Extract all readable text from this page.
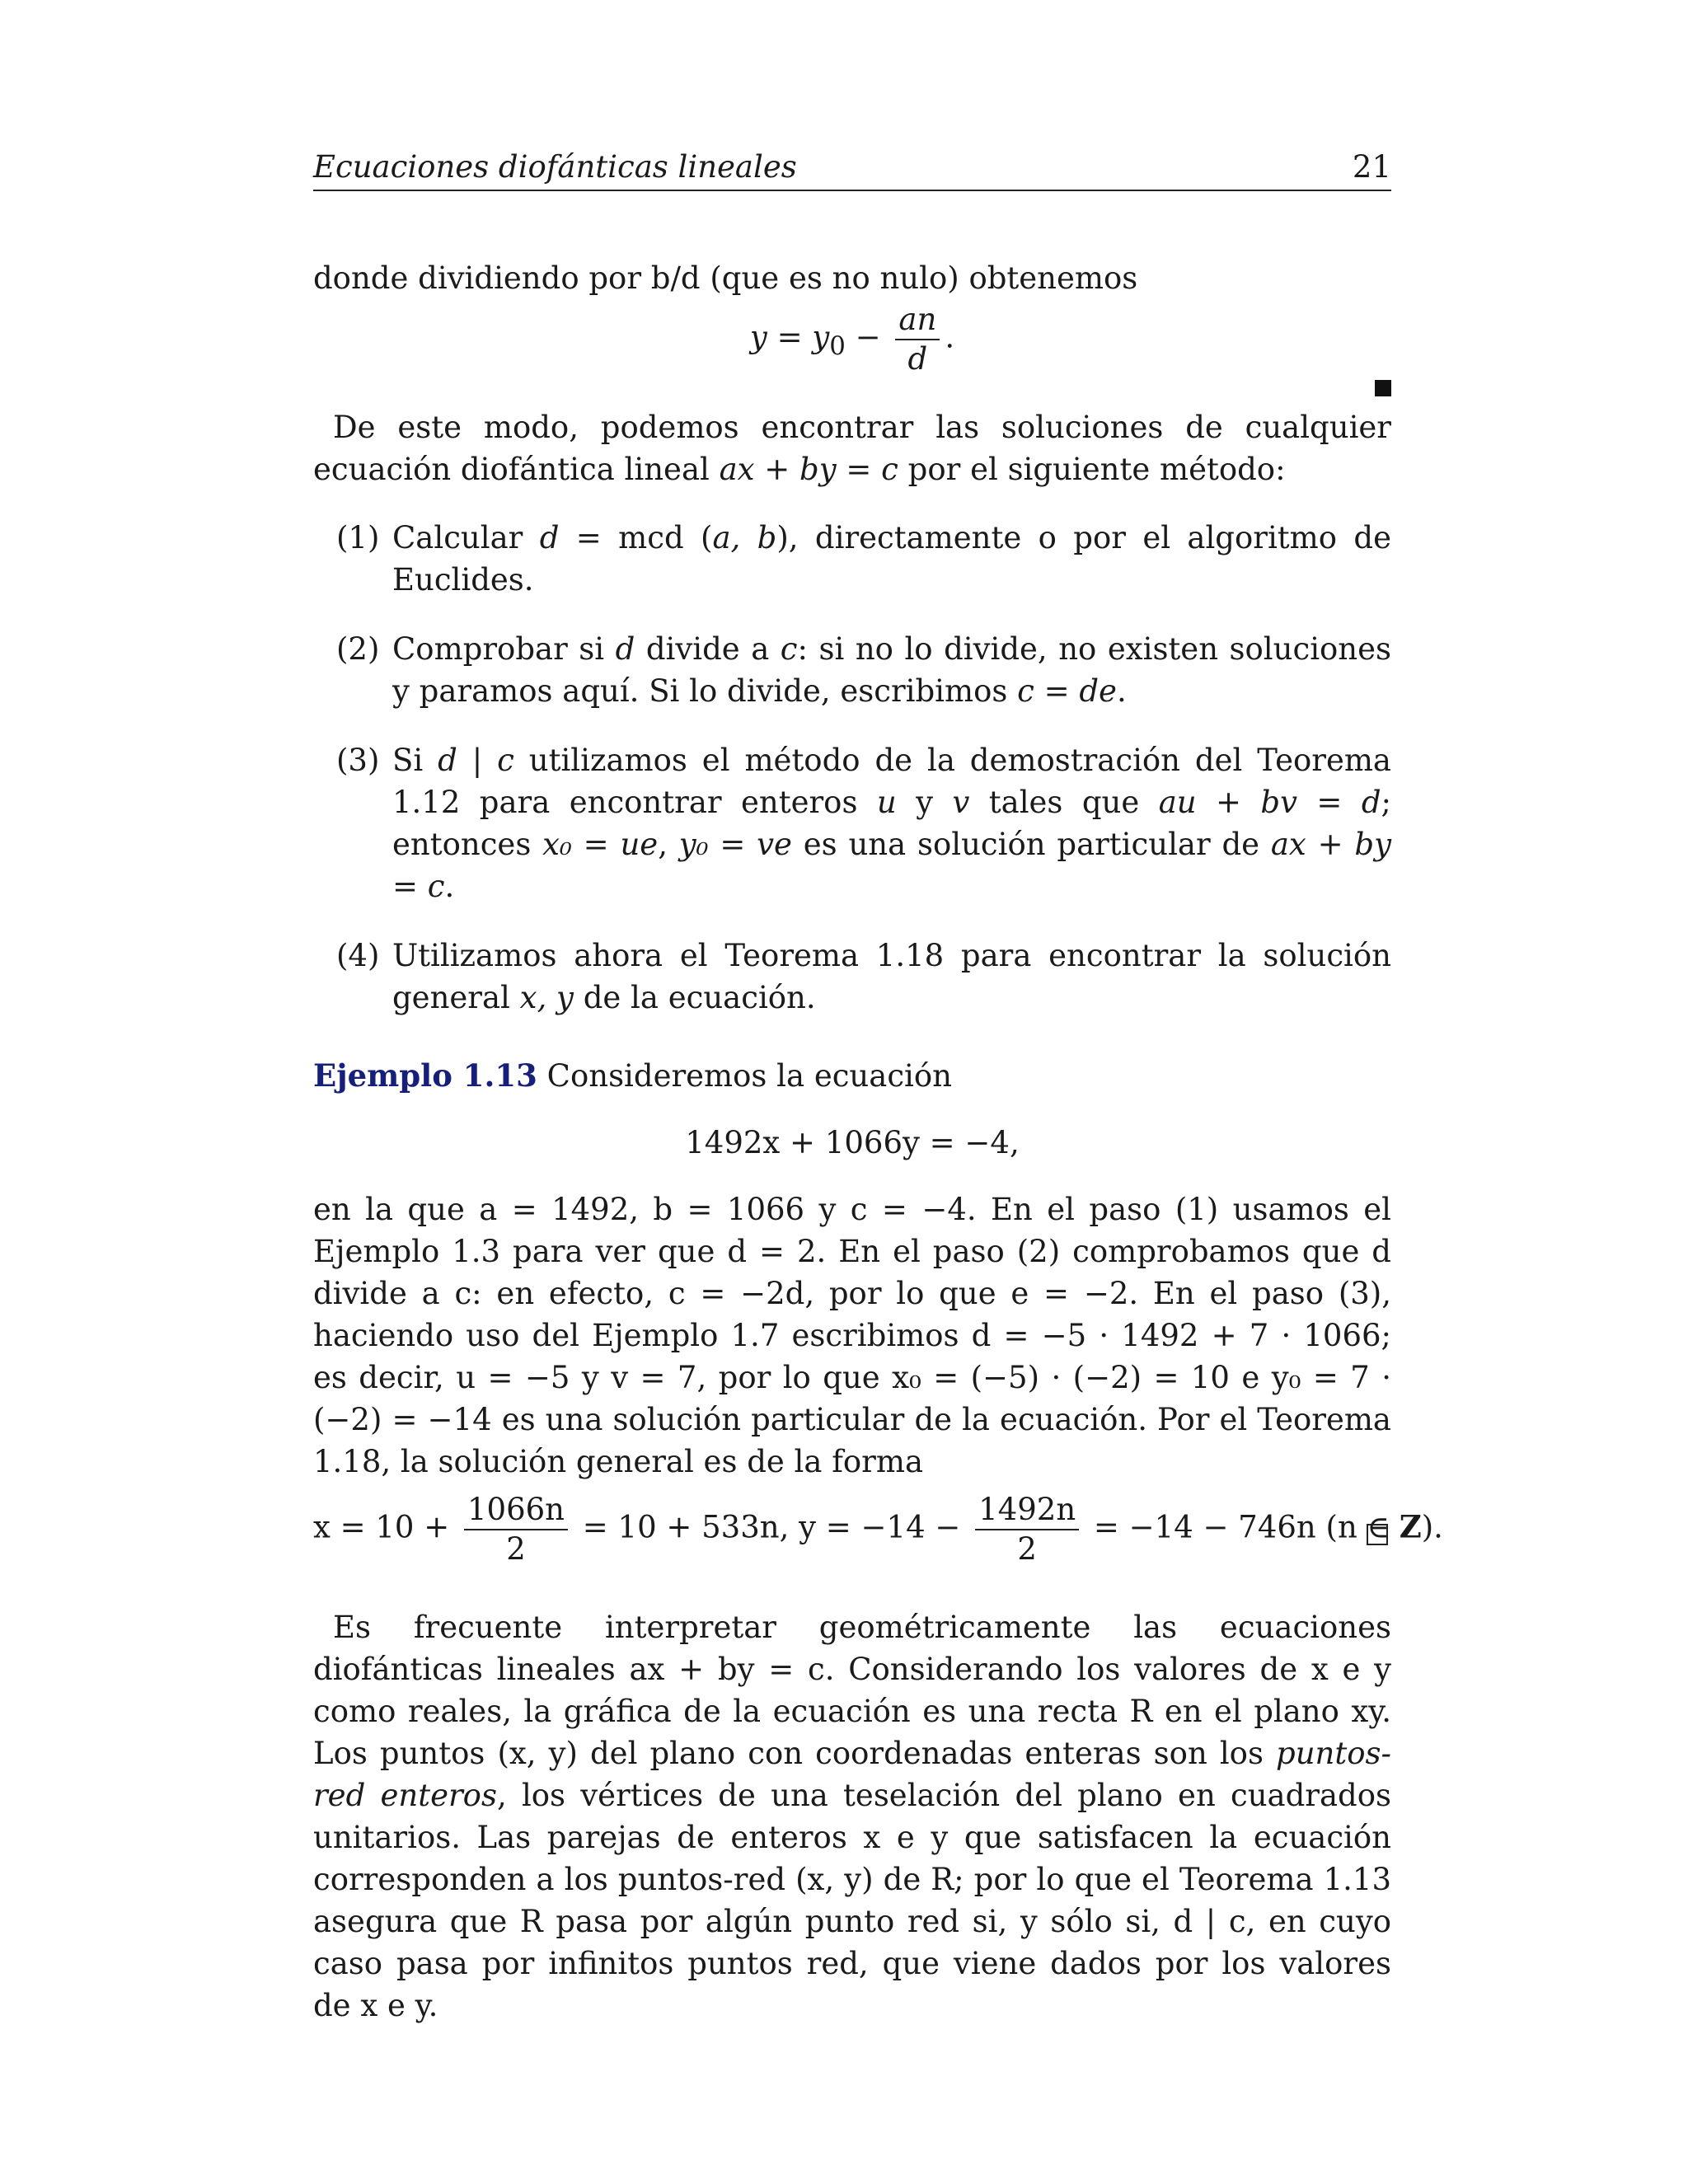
Ecuaciones diofánticas lineales	21

donde dividiendo por b/d (que es no nulo) obtenemos

$y = y_0 - \frac{an}{d}$ .

De este modo, podemos encontrar las soluciones de cualquier ecuación diofántica lineal ax + by = c por el siguiente método:

(1) Calcular d = mcd (a, b), directamente o por el algoritmo de Euclides.
(2) Comprobar si d divide a c: si no lo divide, no existen soluciones y paramos aquí. Si lo divide, escribimos c = de.
(3) Si d | c utilizamos el método de la demostración del Teorema 1.12 para encontrar enteros u y v tales que au + bv = d; entonces x₀ = ue, y₀ = ve es una solución particular de ax + by = c.
(4) Utilizamos ahora el Teorema 1.18 para encontrar la solución general x, y de la ecuación.

Ejemplo 1.13 Consideremos la ecuación

1492x + 1066y = −4,

en la que a = 1492, b = 1066 y c = −4. En el paso (1) usamos el Ejemplo 1.3 para ver que d = 2. En el paso (2) comprobamos que d divide a c: en efecto, c = −2d, por lo que e = −2. En el paso (3), haciendo uso del Ejemplo 1.7 escribimos d = −5 · 1492 + 7 · 1066; es decir, u = −5 y v = 7, por lo que x₀ = (−5) · (−2) = 10 e y₀ = 7 · (−2) = −14 es una solución particular de la ecuación. Por el Teorema 1.18, la solución general es de la forma

$x = 10 + \frac{1066n}{2} = 10 + 533n$, $y = -14 - \frac{1492n}{2} = -14 - 746n$ (n ∈ Z).

Es frecuente interpretar geométricamente las ecuaciones diofánticas lineales ax + by = c. Considerando los valores de x e y como reales, la gráfica de la ecuación es una recta R en el plano xy. Los puntos (x, y) del plano con coordenadas enteras son los puntos-red enteros, los vértices de una teselación del plano en cuadrados unitarios. Las parejas de enteros x e y que satisfacen la ecuación corresponden a los puntos-red (x, y) de R; por lo que el Teorema 1.13 asegura que R pasa por algún punto red si, y sólo si, d | c, en cuyo caso pasa por infinitos puntos red, que viene dados por los valores de x e y.
